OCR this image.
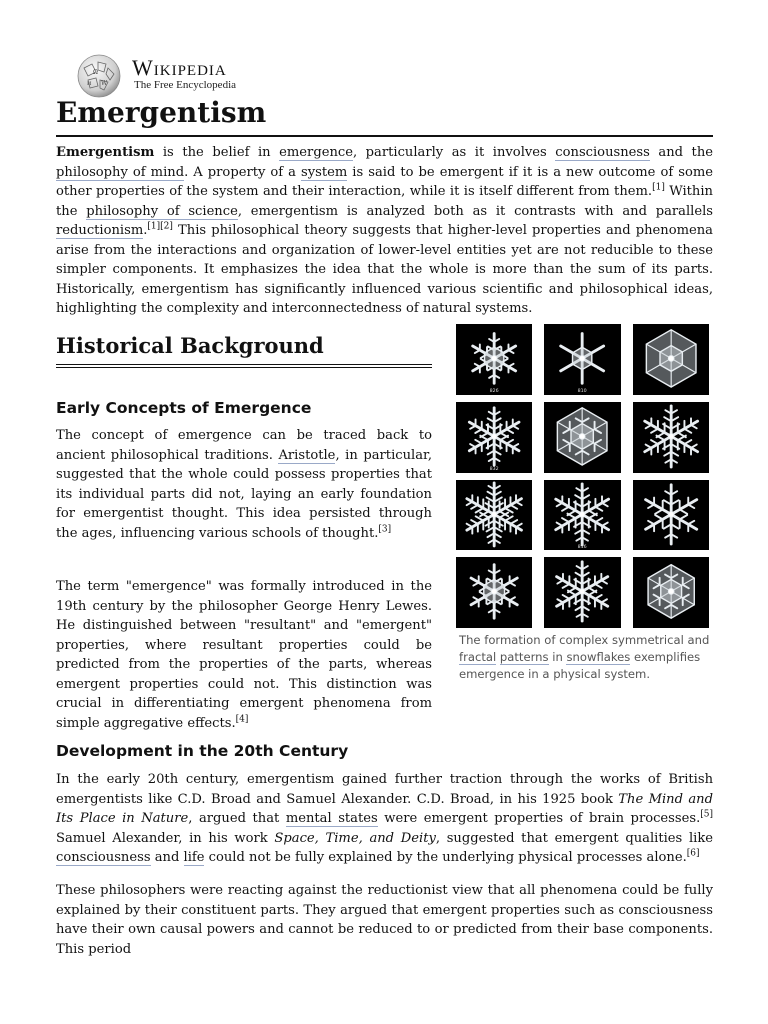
Ω
W
И
Wikipedia
The Free Encyclopedia
Emergentism

Emergentism is the belief in emergence, particularly as it involves consciousness and the philosophy of mind. A property of a system is said to be emergent if it is a new outcome of some other properties of the system and their interaction, while it is itself different from them.[1] Within the philosophy of science, emergentism is analyzed both as it contrasts with and parallels reductionism.[1][2] This philosophical theory suggests that higher-level properties and phenomena arise from the interactions and organization of lower-level entities yet are not reducible to these simpler components. It emphasizes the idea that the whole is more than the sum of its parts. Historically, emergentism has significantly influenced various scientific and philosophical ideas, highlighting the complexity and interconnectedness of natural systems.

Historical Background
Early Concepts of Emergence

The concept of emergence can be traced back to ancient philosophical traditions. Aristotle, in particular, suggested that the whole could possess properties that its individual parts did not, laying an early foundation for emergentist thought. This idea persisted through the ages, influencing various schools of thought.[3]

The term "emergence" was formally introduced in the 19th century by the philosopher George Henry Lewes. He distinguished between "resultant" and "emergent" properties, where resultant properties could be predicted from the properties of the parts, whereas emergent properties could not. This distinction was crucial in differentiating emergent phenomena from simple aggregative effects.[4]

826	810
832
816
The formation of complex symmetrical and fractal patterns in snowflakes exemplifies emergence in a physical system.
Development in the 20th Century

In the early 20th century, emergentism gained further traction through the works of British emergentists like C.D. Broad and Samuel Alexander. C.D. Broad, in his 1925 book The Mind and Its Place in Nature, argued that mental states were emergent properties of brain processes.[5] Samuel Alexander, in his work Space, Time, and Deity, suggested that emergent qualities like consciousness and life could not be fully explained by the underlying physical processes alone.[6]

These philosophers were reacting against the reductionist view that all phenomena could be fully explained by their constituent parts. They argued that emergent properties such as consciousness have their own causal powers and cannot be reduced to or predicted from their base components. This period
